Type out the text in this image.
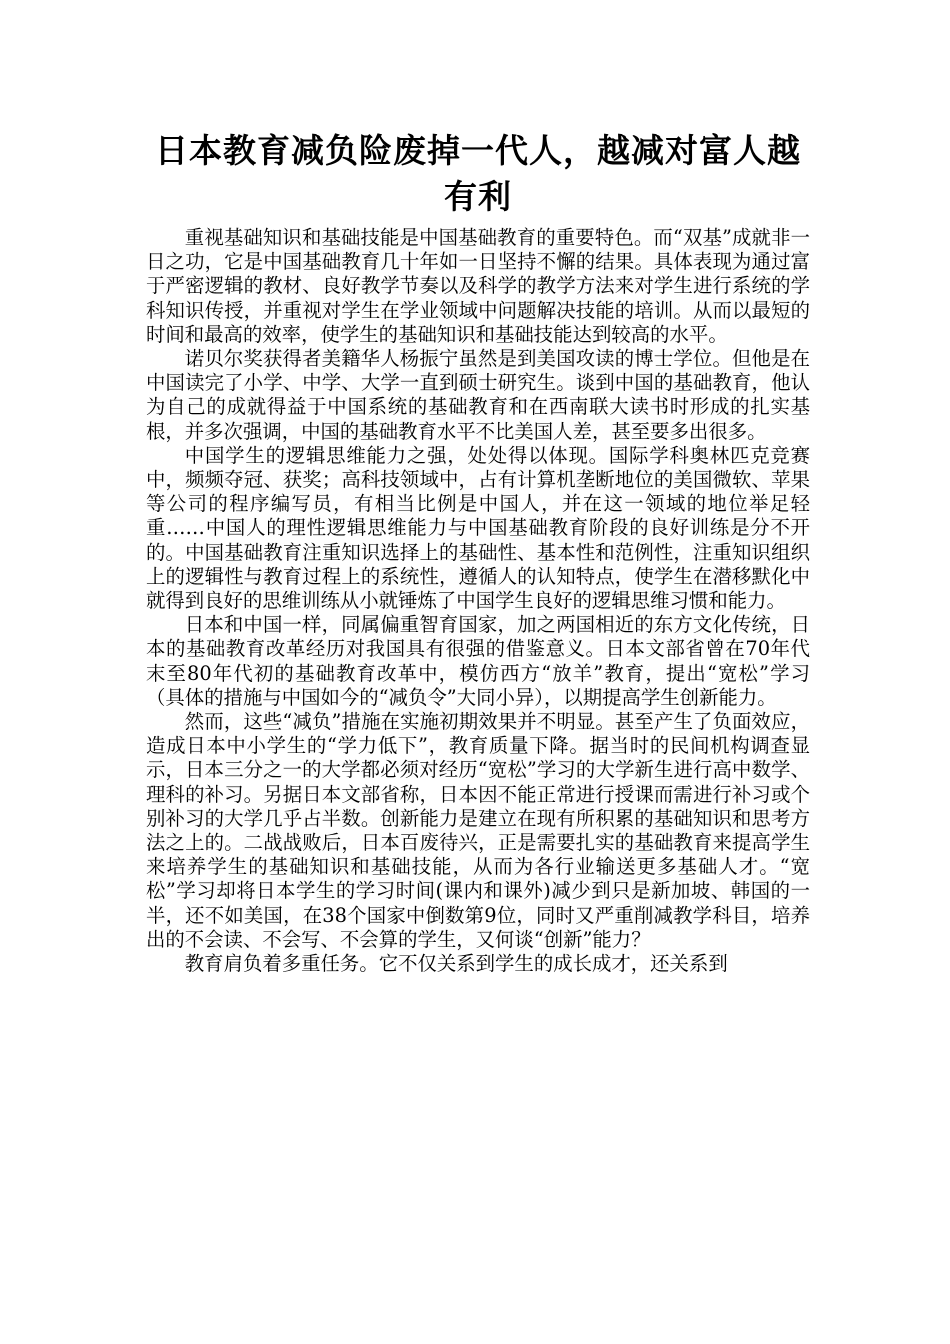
日本教育减负险废掉一代人，越减对富人越有利

重视基础知识和基础技能是中国基础教育的重要特色。而“双基”成就非一日之功，它是中国基础教育几十年如一日坚持不懈的结果。具体表现为通过富于严密逻辑的教材、良好教学节奏以及科学的教学方法来对学生进行系统的学科知识传授，并重视对学生在学业领域中问题解决技能的培训。从而以最短的时间和最高的效率，使学生的基础知识和基础技能达到较高的水平。

诺贝尔奖获得者美籍华人杨振宁虽然是到美国攻读的博士学位。但他是在中国读完了小学、中学、大学一直到硕士研究生。谈到中国的基础教育，他认为自己的成就得益于中国系统的基础教育和在西南联大读书时形成的扎实基根，并多次强调，中国的基础教育水平不比美国人差，甚至要多出很多。

中国学生的逻辑思维能力之强，处处得以体现。国际学科奥林匹克竞赛中，频频夺冠、获奖；高科技领域中，占有计算机垄断地位的美国微软、苹果等公司的程序编写员，有相当比例是中国人，并在这一领域的地位举足轻重……中国人的理性逻辑思维能力与中国基础教育阶段的良好训练是分不开的。中国基础教育注重知识选择上的基础性、基本性和范例性，注重知识组织上的逻辑性与教育过程上的系统性，遵循人的认知特点，使学生在潜移默化中就得到良好的思维训练从小就锤炼了中国学生良好的逻辑思维习惯和能力。

日本和中国一样，同属偏重智育国家，加之两国相近的东方文化传统，日本的基础教育改革经历对我国具有很强的借鉴意义。日本文部省曾在70年代末至80年代初的基础教育改革中，模仿西方“放羊”教育，提出“宽松”学习（具体的措施与中国如今的“减负令”大同小异），以期提高学生创新能力。

然而，这些“减负”措施在实施初期效果并不明显。甚至产生了负面效应，造成日本中小学生的“学力低下”，教育质量下降。据当时的民间机构调查显示，日本三分之一的大学都必须对经历“宽松”学习的大学新生进行高中数学、理科的补习。另据日本文部省称，日本因不能正常进行授课而需进行补习或个别补习的大学几乎占半数。创新能力是建立在现有所积累的基础知识和思考方法之上的。二战战败后，日本百废待兴，正是需要扎实的基础教育来提高学生来培养学生的基础知识和基础技能，从而为各行业输送更多基础人才。“宽松”学习却将日本学生的学习时间(课内和课外)减少到只是新加坡、韩国的一半，还不如美国，在38个国家中倒数第9位，同时又严重削减教学科目，培养出的不会读、不会写、不会算的学生，又何谈“创新”能力？

教育肩负着多重任务。它不仅关系到学生的成长成才，还关系到
